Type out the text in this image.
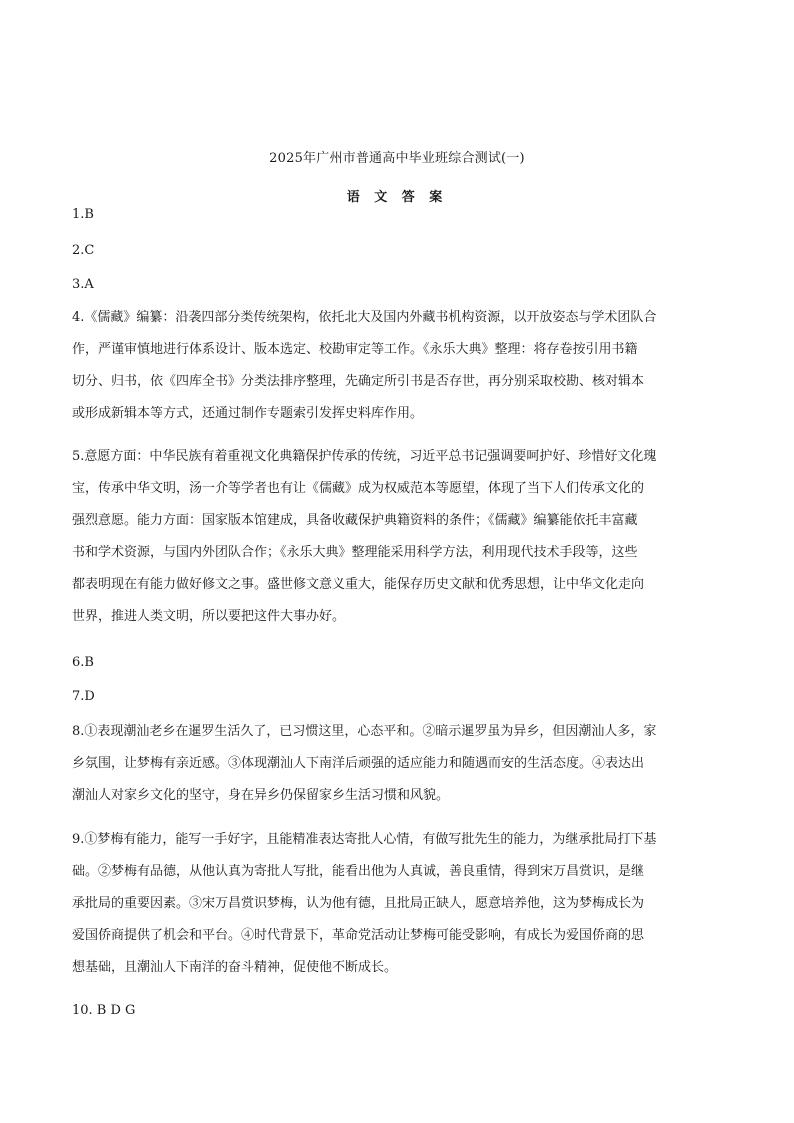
2025年广州市普通高中毕业班综合测试(一)
语 文 答 案
1.B
2.C
3.A
4.《儒藏》编纂：沿袭四部分类传统架构，依托北大及国内外藏书机构资源，以开放姿态与学术团队合
作，严谨审慎地进行体系设计、版本选定、校勘审定等工作。《永乐大典》整理：将存卷按引用书籍
切分、归书，依《四库全书》分类法排序整理，先确定所引书是否存世，再分别采取校勘、核对辑本
或形成新辑本等方式，还通过制作专题索引发挥史料库作用。
5.意愿方面：中华民族有着重视文化典籍保护传承的传统，习近平总书记强调要呵护好、珍惜好文化瑰
宝，传承中华文明，汤一介等学者也有让《儒藏》成为权威范本等愿望，体现了当下人们传承文化的
强烈意愿。能力方面：国家版本馆建成，具备收藏保护典籍资料的条件；《儒藏》编纂能依托丰富藏
书和学术资源，与国内外团队合作；《永乐大典》整理能采用科学方法，利用现代技术手段等，这些
都表明现在有能力做好修文之事。盛世修文意义重大，能保存历史文献和优秀思想，让中华文化走向
世界，推进人类文明，所以要把这件大事办好。
6.B
7.D
8.①表现潮汕老乡在暹罗生活久了，已习惯这里，心态平和。②暗示暹罗虽为异乡，但因潮汕人多，家
乡氛围，让梦梅有亲近感。③体现潮汕人下南洋后顽强的适应能力和随遇而安的生活态度。④表达出
潮汕人对家乡文化的坚守，身在异乡仍保留家乡生活习惯和风貌。
9.①梦梅有能力，能写一手好字，且能精准表达寄批人心情，有做写批先生的能力，为继承批局打下基
础。②梦梅有品德，从他认真为寄批人写批，能看出他为人真诚，善良重情，得到宋万昌赏识，是继
承批局的重要因素。③宋万昌赏识梦梅，认为他有德，且批局正缺人，愿意培养他，这为梦梅成长为
爱国侨商提供了机会和平台。④时代背景下，革命党活动让梦梅可能受影响，有成长为爱国侨商的思
想基础，且潮汕人下南洋的奋斗精神，促使他不断成长。
10. B D G
